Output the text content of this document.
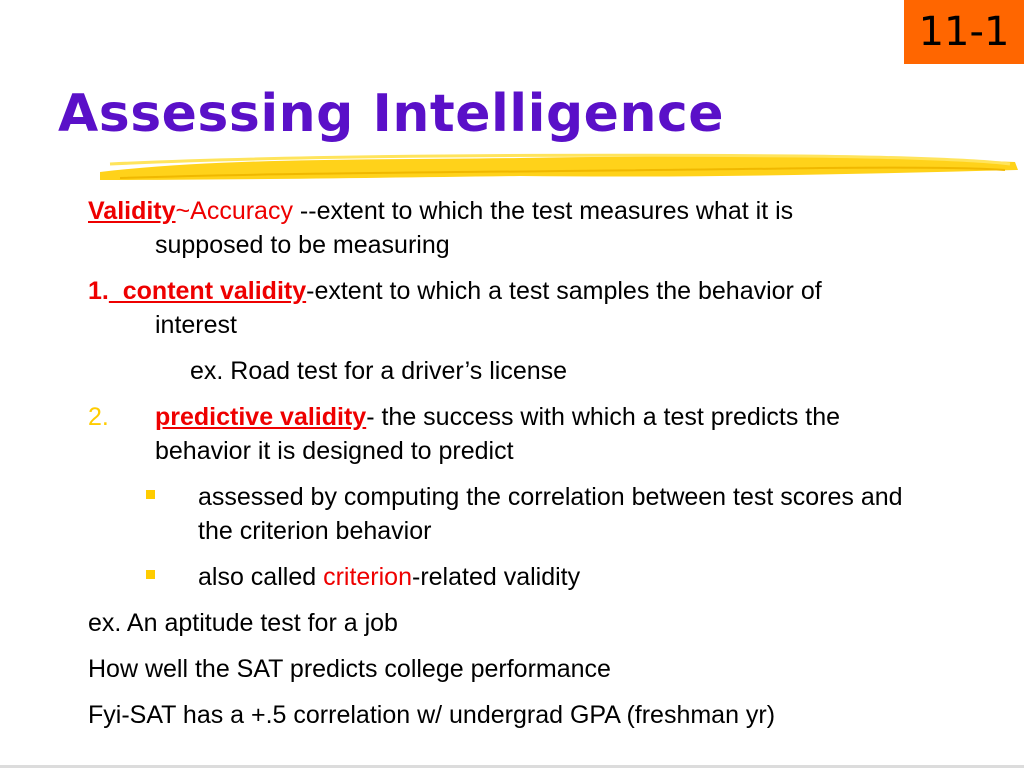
11-1
Assessing Intelligence

Validity~Accuracy --extent to which the test measures what it is supposed to be measuring

1.  content validity-extent to which a test samples the behavior of interest

ex. Road test for a driver’s license

2. predictive validity- the success with which a test predicts the behavior it is designed to predict

assessed by computing the correlation between test scores and the criterion behavior

also called criterion-related validity

ex. An aptitude test for a job

How well the SAT predicts college performance

Fyi-SAT has a +.5 correlation w/ undergrad GPA (freshman yr)
